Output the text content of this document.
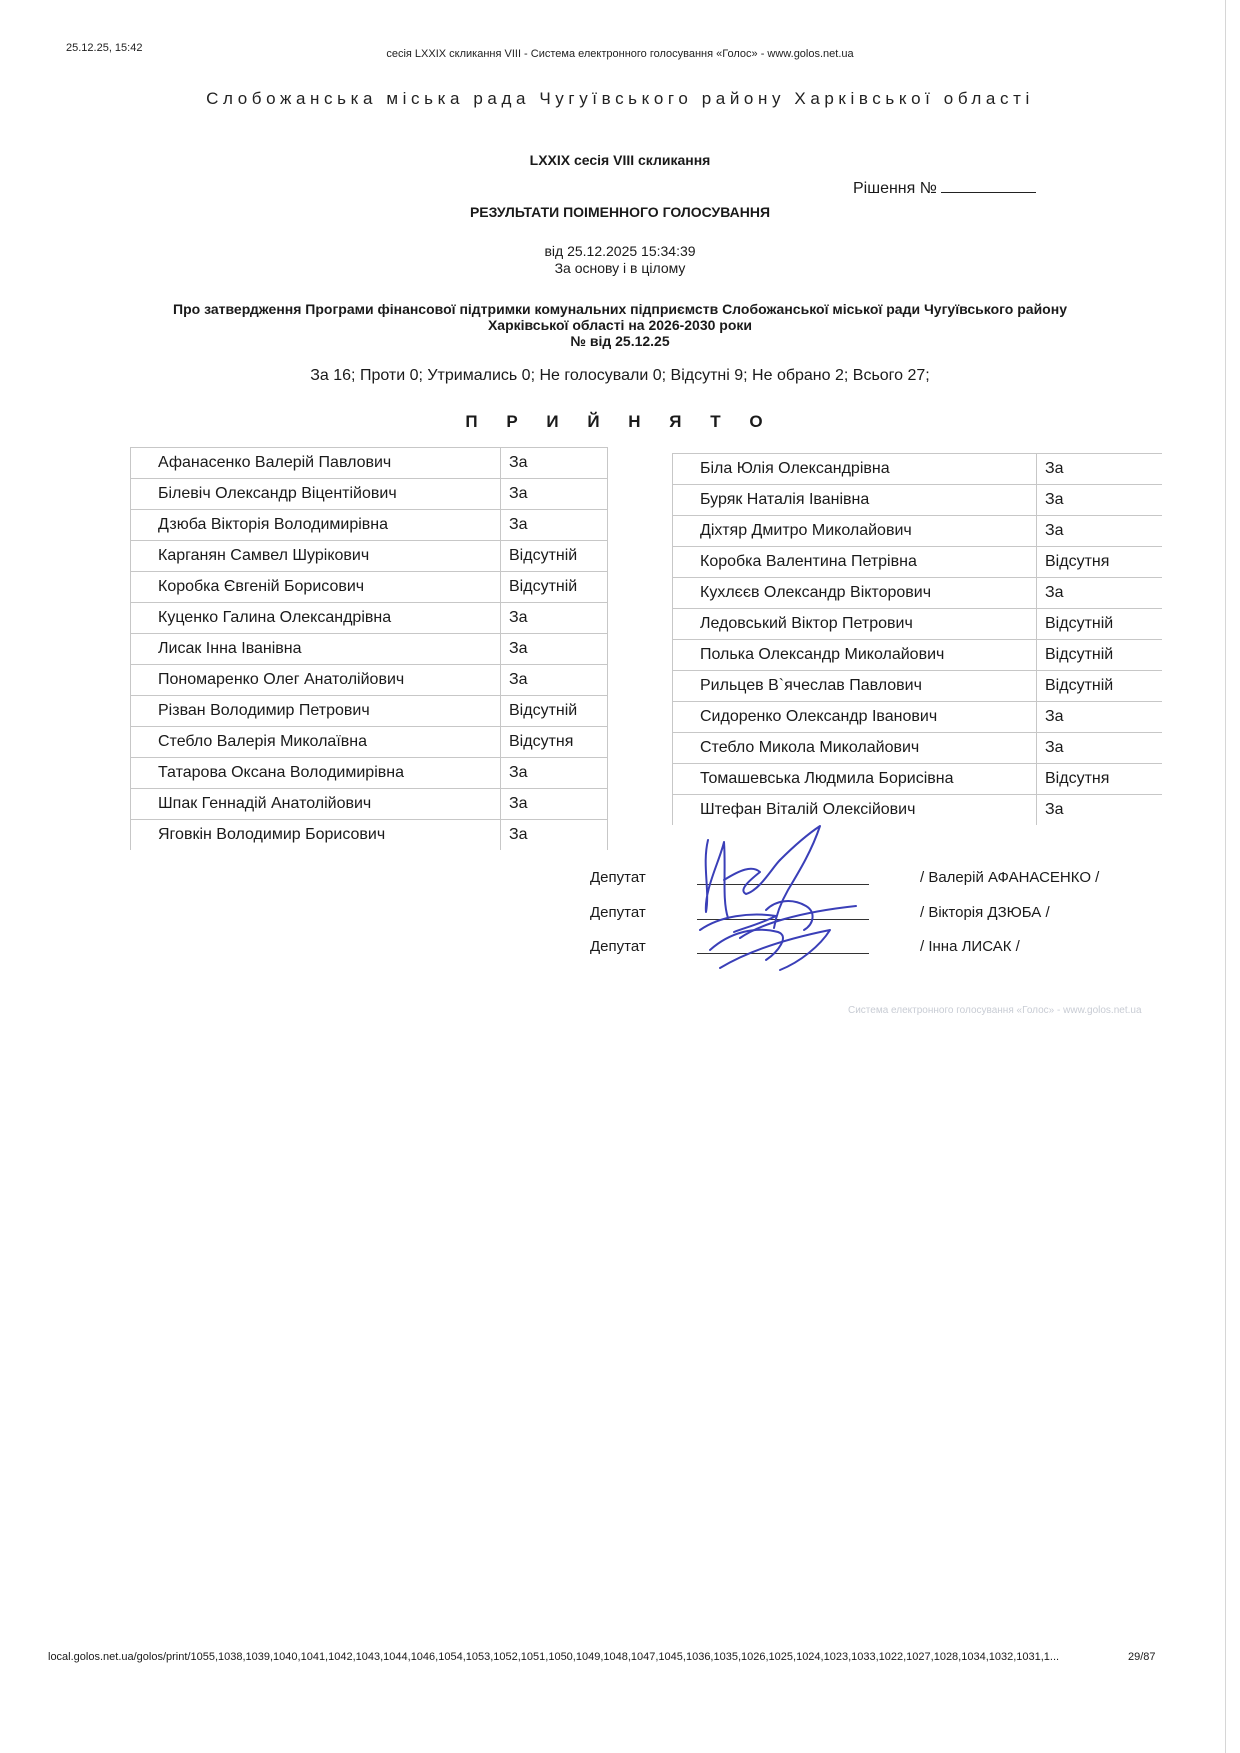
25.12.25, 15:42	сесія LXXIX скликання VIII - Система електронного голосування «Голос» - www.golos.net.ua
Слобожанська міська рада Чугуївського району Харківської області
LXXIX сесія VIII скликання
Рішення №
РЕЗУЛЬТАТИ ПОІМЕННОГО ГОЛОСУВАННЯ
від 25.12.2025 15:34:39
За основу і в цілому
Про затвердження Програми фінансової підтримки комунальних підприємств Слобожанської міської ради Чугуївського району
Харківської області на 2026-2030 роки
№ від 25.12.25
За 16; Проти 0; Утримались 0; Не голосували 0; Відсутні 9; Не обрано 2; Всього 27;
П Р И Й Н Я Т О
Афанасенко Валерій Павлович	За
Білевіч Олександр Віцентійович	За
Дзюба Вікторія Володимирівна	За
Карганян Самвел Шурікович	Відсутній
Коробка Євгеній Борисович	Відсутній
Куценко Галина Олександрівна	За
Лисак Інна Іванівна	За
Пономаренко Олег Анатолійович	За
Різван Володимир Петрович	Відсутній
Стебло Валерія Миколаївна	Відсутня
Татарова Оксана Володимирівна	За
Шпак Геннадій Анатолійович	За
Яговкін Володимир Борисович	За
Біла Юлія Олександрівна	За
Буряк Наталія Іванівна	За
Діхтяр Дмитро Миколайович	За
Коробка Валентина Петрівна	Відсутня
Кухлєєв Олександр Вікторович	За
Ледовський Віктор Петрович	Відсутній
Полька Олександр Миколайович	Відсутній
Рильцев В`ячеслав Павлович	Відсутній
Сидоренко Олександр Іванович	За
Стебло Микола Миколайович	За
Томашевська Людмила Борисівна	Відсутня
Штефан Віталій Олексійович	За
Депутат	/ Валерій АФАНАСЕНКО /
Депутат	/ Вікторія ДЗЮБА /
Депутат	/ Інна ЛИСАК /
Система електронного голосування «Голос» - www.golos.net.ua
local.golos.net.ua/golos/print/1055,1038,1039,1040,1041,1042,1043,1044,1046,1054,1053,1052,1051,1050,1049,1048,1047,1045,1036,1035,1026,1025,1024,1023,1033,1022,1027,1028,1034,1032,1031,1...	29/87
